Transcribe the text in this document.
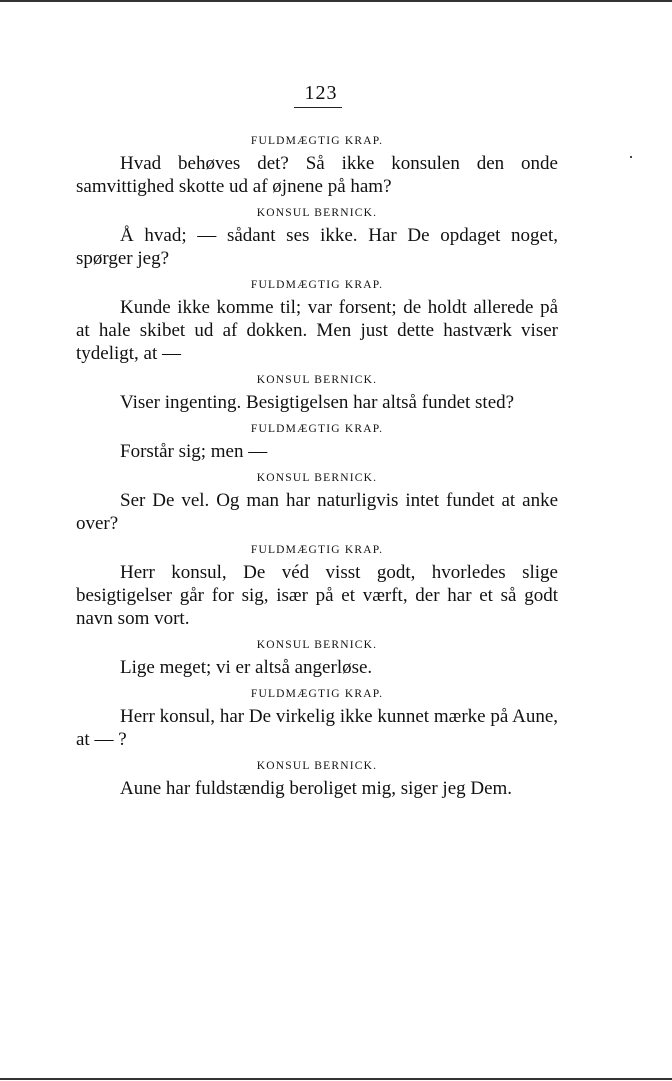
123
FULDMÆGTIG KRAP.
Hvad behøves det? Så ikke konsulen den onde samvittighed skotte ud af øjnene på ham?
KONSUL BERNICK.
Å hvad; — sådant ses ikke. Har De opdaget noget, spørger jeg?
FULDMÆGTIG KRAP.
Kunde ikke komme til; var forsent; de holdt allerede på at hale skibet ud af dokken. Men just dette hastværk viser tydeligt, at —
KONSUL BERNICK.
Viser ingenting. Besigtigelsen har altså fundet sted?
FULDMÆGTIG KRAP.
Forstår sig; men —
KONSUL BERNICK.
Ser De vel. Og man har naturligvis intet fundet at anke over?
FULDMÆGTIG KRAP.
Herr konsul, De véd visst godt, hvorledes slige besigtigelser går for sig, især på et værft, der har et så godt navn som vort.
KONSUL BERNICK.
Lige meget; vi er altså angerløse.
FULDMÆGTIG KRAP.
Herr konsul, har De virkelig ikke kunnet mærke på Aune, at — ?
KONSUL BERNICK.
Aune har fuldstændig beroliget mig, siger jeg Dem.
